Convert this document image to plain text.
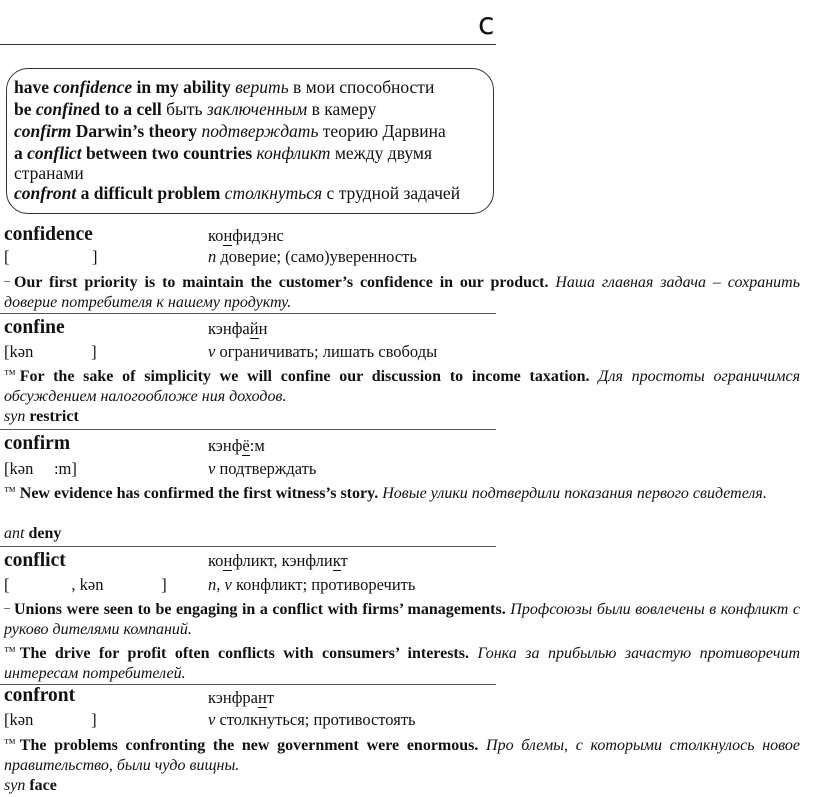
c
have confidence in my ability верить в мои способности
be confined to a cell быть заключенным в камеру
confirm Darwin’s theory подтверждать теорию Дарвина
a conflict between two countries конфликт между двумя
странами
confront a difficult problem столкнуться с трудной задачей
confidence	конфидэнс
[                    ]	n доверие; (само)уверенность
– Our first priority is to maintain the customer’s confidence in our product. Наша главная задача – сохранить доверие потребителя к нашему продукту.
confine	кэнфайн
[kən              ]	v ограничивать; лишать свободы
™ For the sake of simplicity we will confine our discussion to income taxation. Для простоты ограничимся обсуждением налогообложе ния доходов.
syn restrict
confirm	кэнфё:м
[kən     :m]	v подтверждать
™ New evidence has confirmed the first witness’s story. Новые улики подтвердили показания первого свидетеля.
ant deny
conflict	конфликт, кэнфликт
[               , kən              ]	n, v конфликт; противоречить
– Unions were seen to be engaging in a conflict with firms’ managements. Профсоюзы были вовлечены в конфликт с руково дителями компаний.
™ The drive for profit often conflicts with consumers’ interests. Гонка за прибылью зачастую противоречит интересам потребителей.
confront	кэнфрант
[kən              ]	v столкнуться; противостоять
™ The problems confronting the new government were enormous. Про блемы, с которыми столкнулось новое правительство, были чудо вищны.
syn face
